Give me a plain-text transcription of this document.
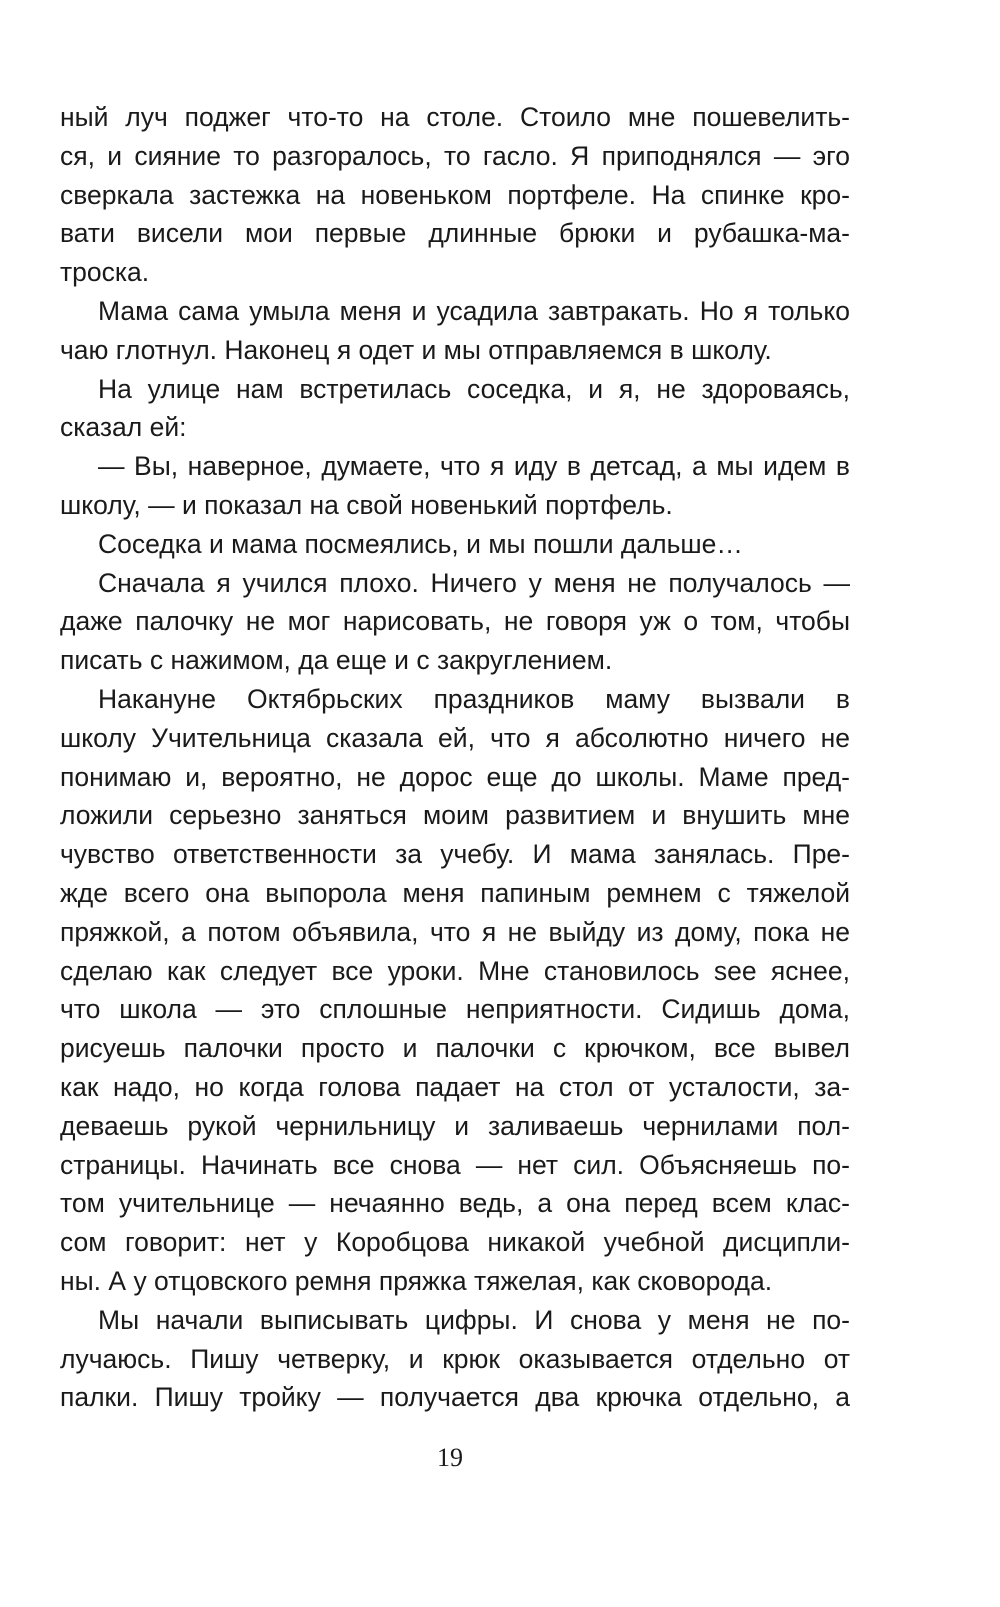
ный луч поджег что-то на столе. Стоило мне пошевелить-
ся, и сияние то разгоралось, то гасло. Я приподнялся — эго
сверкала застежка на новеньком портфеле. На спинке кро-
вати висели мои первые длинные брюки и рубашка-ма-
троска.
Мама сама умыла меня и усадила завтракать. Но я только
чаю глотнул. Наконец я одет и мы отправляемся в школу.
На улице нам встретилась соседка, и я, не здороваясь,
сказал ей:
— Вы, наверное, думаете, что я иду в детсад, а мы идем в
школу, — и показал на свой новенький портфель.
Соседка и мама посмеялись, и мы пошли дальше…
Сначала я учился плохо. Ничего у меня не получалось —
даже палочку не мог нарисовать, не говоря уж о том, чтобы
писать с нажимом, да еще и с закруглением.
Накануне Октябрьских праздников маму вызвали в
школу Учительница сказала ей, что я абсолютно ничего не
понимаю и, вероятно, не дорос еще до школы. Маме пред-
ложили серьезно заняться моим развитием и внушить мне
чувство ответственности за учебу. И мама занялась. Пре-
жде всего она выпорола меня папиным ремнем с тяжелой
пряжкой, а потом объявила, что я не выйду из дому, пока не
сделаю как следует все уроки. Мне становилось see яснее,
что школа — это сплошные неприятности. Сидишь дома,
рисуешь палочки просто и палочки с крючком, все вывел
как надо, но когда голова падает на стол от усталости, за-
деваешь рукой чернильницу и заливаешь чернилами пол-
страницы. Начинать все снова — нет сил. Объясняешь по-
том учительнице — нечаянно ведь, а она перед всем клас-
сом говорит: нет у Коробцова никакой учебной дисципли-
ны. А у отцовского ремня пряжка тяжелая, как сковорода.
Мы начали выписывать цифры. И снова у меня не по-
лучаюсь. Пишу четверку, и крюк оказывается отдельно от
палки. Пишу тройку — получается два крючка отдельно, а
19
